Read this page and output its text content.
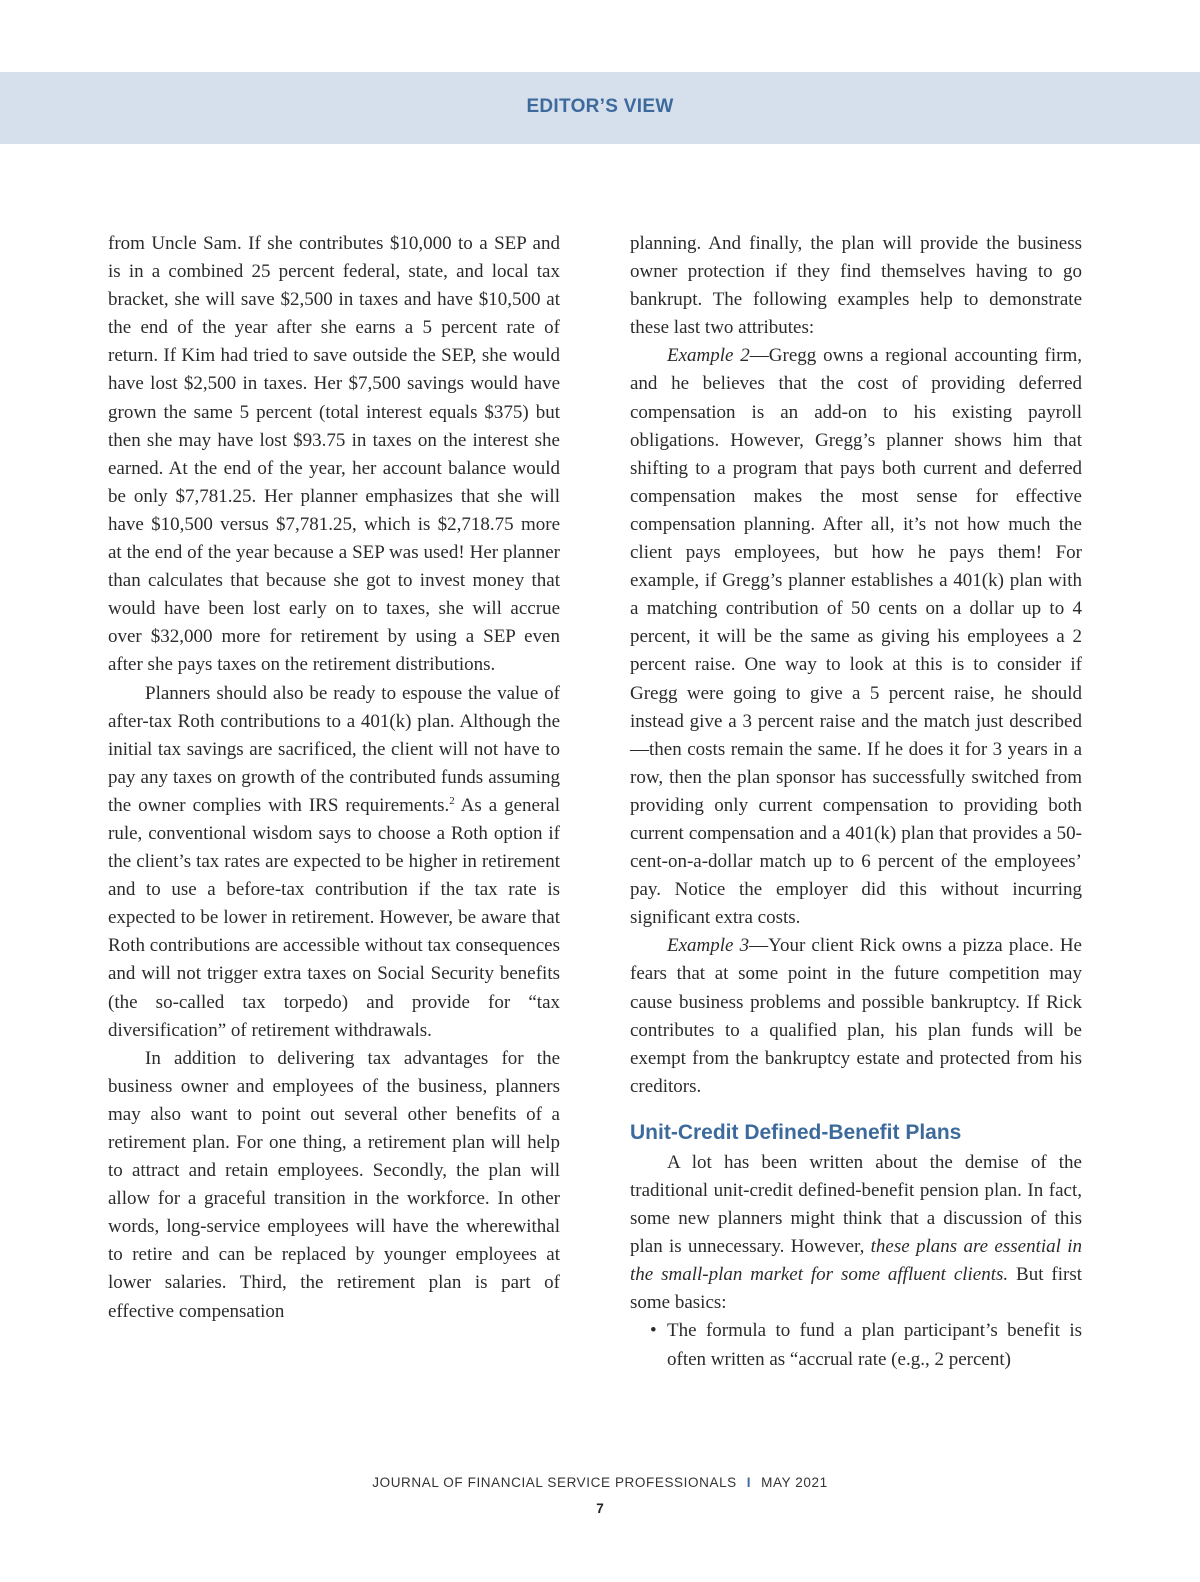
EDITOR’S VIEW

from Uncle Sam. If she contributes $10,000 to a SEP and is in a combined 25 percent federal, state, and local tax bracket, she will save $2,500 in taxes and have $10,500 at the end of the year after she earns a 5 percent rate of return. If Kim had tried to save outside the SEP, she would have lost $2,500 in taxes. Her $7,500 savings would have grown the same 5 percent (total interest equals $375) but then she may have lost $93.75 in taxes on the interest she earned. At the end of the year, her account balance would be only $7,781.25. Her planner emphasizes that she will have $10,500 versus $7,781.25, which is $2,718.75 more at the end of the year because a SEP was used! Her planner than calculates that because she got to invest money that would have been lost early on to taxes, she will accrue over $32,000 more for retirement by using a SEP even after she pays taxes on the retirement distributions.

Planners should also be ready to espouse the value of after-tax Roth contributions to a 401(k) plan. Although the initial tax savings are sacrificed, the client will not have to pay any taxes on growth of the contributed funds assuming the owner complies with IRS requirements.$^2$ As a general rule, conventional wisdom says to choose a Roth option if the client’s tax rates are expected to be higher in retirement and to use a before-tax contribution if the tax rate is expected to be lower in retirement. However, be aware that Roth contributions are accessible without tax consequences and will not trigger extra taxes on Social Security benefits (the so-called tax torpedo) and provide for “tax diversification” of retirement withdrawals.

In addition to delivering tax advantages for the business owner and employees of the business, planners may also want to point out several other benefits of a retirement plan. For one thing, a retirement plan will help to attract and retain employees. Secondly, the plan will allow for a graceful transition in the workforce. In other words, long-service employees will have the wherewithal to retire and can be replaced by younger employees at lower salaries. Third, the retirement plan is part of effective compensation

planning. And finally, the plan will provide the business owner protection if they find themselves having to go bankrupt. The following examples help to demonstrate these last two attributes:

Example 2—Gregg owns a regional accounting firm, and he believes that the cost of providing deferred compensation is an add-on to his existing payroll obligations. However, Gregg’s planner shows him that shifting to a program that pays both current and deferred compensation makes the most sense for effective compensation planning. After all, it’s not how much the client pays employees, but how he pays them! For example, if Gregg’s planner establishes a 401(k) plan with a matching contribution of 50 cents on a dollar up to 4 percent, it will be the same as giving his employees a 2 percent raise. One way to look at this is to consider if Gregg were going to give a 5 percent raise, he should instead give a 3 percent raise and the match just described—then costs remain the same. If he does it for 3 years in a row, then the plan sponsor has successfully switched from providing only current compensation to providing both current compensation and a 401(k) plan that provides a 50-cent-on-a-dollar match up to 6 percent of the employees’ pay. Notice the employer did this without incurring significant extra costs.

Example 3—Your client Rick owns a pizza place. He fears that at some point in the future competition may cause business problems and possible bankruptcy. If Rick contributes to a qualified plan, his plan funds will be exempt from the bankruptcy estate and protected from his creditors.

Unit-Credit Defined-Benefit Plans

A lot has been written about the demise of the traditional unit-credit defined-benefit pension plan. In fact, some new planners might think that a discussion of this plan is unnecessary. However, these plans are essential in the small-plan market for some affluent clients. But first some basics:

• The formula to fund a plan participant’s benefit is often written as “accrual rate (e.g., 2 percent)
JOURNAL OF FINANCIAL SERVICE PROFESSIONALS I MAY 2021
7
